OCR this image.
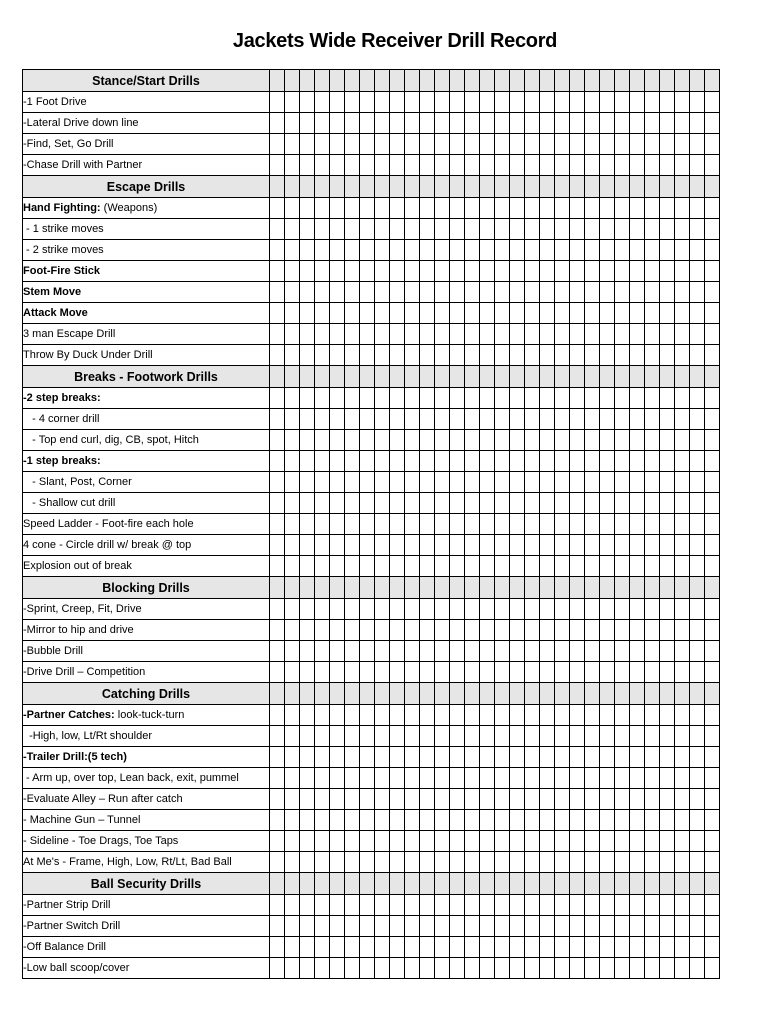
Jackets Wide Receiver Drill Record
Stance/Start Drills																														
-1 Foot Drive																														
-Lateral Drive down line																														
-Find, Set, Go Drill																														
-Chase Drill with Partner																														
Escape Drills																														
Hand Fighting: (Weapons)																														
- 1 strike moves																														
- 2 strike moves																														
Foot-Fire Stick																														
Stem Move																														
Attack Move																														
3 man Escape Drill																														
Throw By Duck Under Drill																														
Breaks - Footwork Drills																														
-2 step breaks:																														
- 4 corner drill																														
- Top end curl, dig, CB, spot, Hitch																														
-1 step breaks:																														
- Slant, Post, Corner																														
- Shallow cut drill																														
Speed Ladder - Foot-fire each hole																														
4 cone - Circle drill w/ break @ top																														
Explosion out of break																														
Blocking Drills																														
-Sprint, Creep, Fit, Drive																														
-Mirror to hip and drive																														
-Bubble Drill																														
-Drive Drill – Competition																														
Catching Drills																														
-Partner Catches: look-tuck-turn																														
-High, low, Lt/Rt shoulder																														
-Trailer Drill:(5 tech)																														
- Arm up, over top, Lean back, exit, pummel																														
-Evaluate Alley – Run after catch																														
- Machine Gun – Tunnel																														
- Sideline - Toe Drags, Toe Taps																														
At Me's - Frame, High, Low, Rt/Lt, Bad Ball																														
Ball Security Drills																														
-Partner Strip Drill																														
-Partner Switch Drill																														
-Off Balance Drill																														
-Low ball scoop/cover																														
